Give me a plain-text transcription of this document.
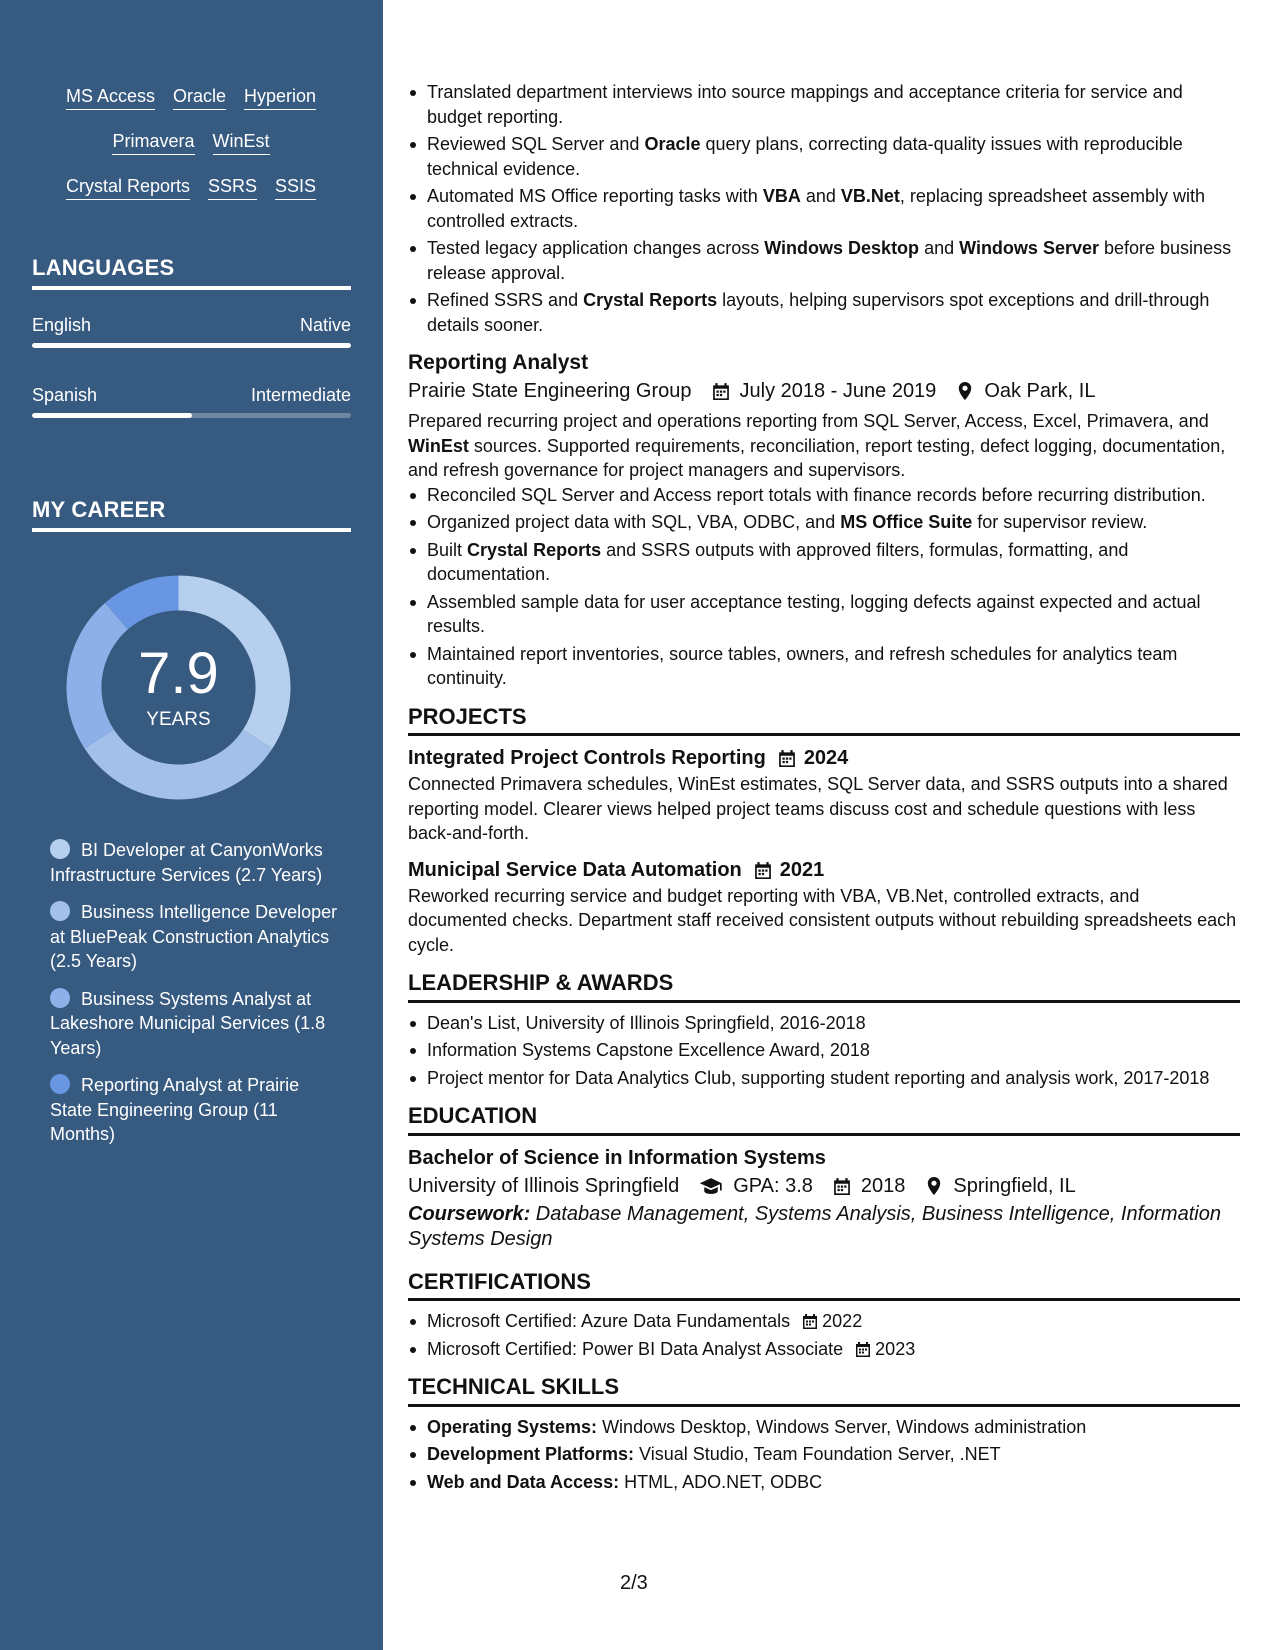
MS Access Oracle Hyperion
Primavera WinEst
Crystal Reports SSRS SSIS
LANGUAGES
English	Native
Spanish	Intermediate
MY CAREER
7.9
YEARS
BI Developer at CanyonWorks Infrastructure Services (2.7 Years)
Business Intelligence Developer at BluePeak Construction Analytics (2.5 Years)
Business Systems Analyst at Lakeshore Municipal Services (1.8 Years)
Reporting Analyst at Prairie State Engineering Group (11 Months)
Translated department interviews into source mappings and acceptance criteria for service and budget reporting.
Reviewed SQL Server and Oracle query plans, correcting data-quality issues with reproducible technical evidence.
Automated MS Office reporting tasks with VBA and VB.Net, replacing spreadsheet assembly with controlled extracts.
Tested legacy application changes across Windows Desktop and Windows Server before business release approval.
Refined SSRS and Crystal Reports layouts, helping supervisors spot exceptions and drill-through details sooner.
Reporting Analyst
Prairie State Engineering Group July 2018 - June 2019 Oak Park, IL
Prepared recurring project and operations reporting from SQL Server, Access, Excel, Primavera, and WinEst sources. Supported requirements, reconciliation, report testing, defect logging, documentation, and refresh governance for project managers and supervisors.
Reconciled SQL Server and Access report totals with finance records before recurring distribution.
Organized project data with SQL, VBA, ODBC, and MS Office Suite for supervisor review.
Built Crystal Reports and SSRS outputs with approved filters, formulas, formatting, and documentation.
Assembled sample data for user acceptance testing, logging defects against expected and actual results.
Maintained report inventories, source tables, owners, and refresh schedules for analytics team continuity.
PROJECTS
Integrated Project Controls Reporting 2024
Connected Primavera schedules, WinEst estimates, SQL Server data, and SSRS outputs into a shared reporting model. Clearer views helped project teams discuss cost and schedule questions with less back-and-forth.
Municipal Service Data Automation 2021
Reworked recurring service and budget reporting with VBA, VB.Net, controlled extracts, and documented checks. Department staff received consistent outputs without rebuilding spreadsheets each cycle.
LEADERSHIP & AWARDS
Dean's List, University of Illinois Springfield, 2016-2018
Information Systems Capstone Excellence Award, 2018
Project mentor for Data Analytics Club, supporting student reporting and analysis work, 2017-2018
EDUCATION
Bachelor of Science in Information Systems
University of Illinois Springfield	GPA: 3.8 2018 Springfield, IL
Coursework: Database Management, Systems Analysis, Business Intelligence, Information Systems Design
CERTIFICATIONS
Microsoft Certified: Azure Data Fundamentals 2022
Microsoft Certified: Power BI Data Analyst Associate 2023
TECHNICAL SKILLS
Operating Systems: Windows Desktop, Windows Server, Windows administration
Development Platforms: Visual Studio, Team Foundation Server, .NET
Web and Data Access: HTML, ADO.NET, ODBC
2/3
